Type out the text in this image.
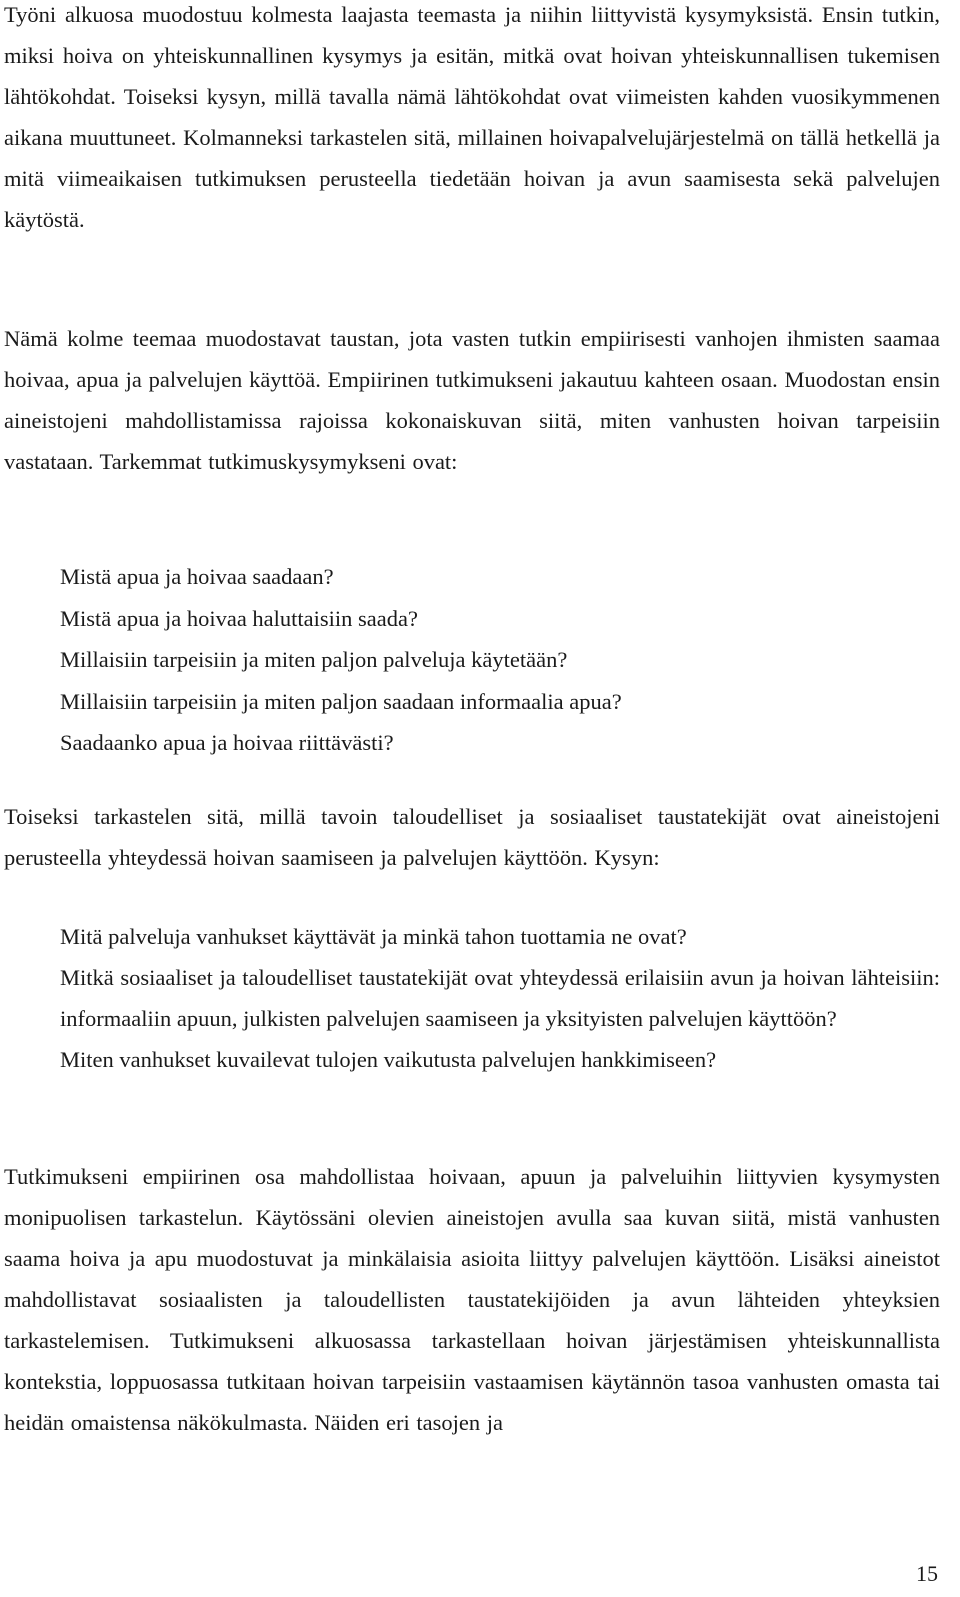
Työni alkuosa muodostuu kolmesta laajasta teemasta ja niihin liittyvistä kysymyksistä. Ensin tutkin, miksi hoiva on yhteiskunnallinen kysymys ja esitän, mitkä ovat hoivan yhteiskunnallisen tukemisen lähtökohdat. Toiseksi kysyn, millä tavalla nämä lähtökohdat ovat viimeisten kahden vuosikymmenen aikana muuttuneet. Kolmanneksi tarkastelen sitä, millainen hoivapalvelujärjestelmä on tällä hetkellä ja mitä viimeaikaisen tutkimuksen perusteella tiedetään hoivan ja avun saamisesta sekä palvelujen käytöstä.

Nämä kolme teemaa muodostavat taustan, jota vasten tutkin empiirisesti vanhojen ihmisten saamaa hoivaa, apua ja palvelujen käyttöä. Empiirinen tutkimukseni jakautuu kahteen osaan. Muodostan ensin aineistojeni mahdollistamissa rajoissa kokonaiskuvan siitä, miten vanhusten hoivan tarpeisiin vastataan. Tarkemmat tutkimuskysymykseni ovat:

Mistä apua ja hoivaa saadaan?

Mistä apua ja hoivaa haluttaisiin saada?

Millaisiin tarpeisiin ja miten paljon palveluja käytetään?

Millaisiin tarpeisiin ja miten paljon saadaan informaalia apua?

Saadaanko apua ja hoivaa riittävästi?

Toiseksi tarkastelen sitä, millä tavoin taloudelliset ja sosiaaliset taustatekijät ovat aineistojeni perusteella yhteydessä hoivan saamiseen ja palvelujen käyttöön. Kysyn:

Mitä palveluja vanhukset käyttävät ja minkä tahon tuottamia ne ovat?

Mitkä sosiaaliset ja taloudelliset taustatekijät ovat yhteydessä erilaisiin avun ja hoivan lähteisiin: informaaliin apuun, julkisten palvelujen saamiseen ja yksityisten palvelujen käyttöön?

Miten vanhukset kuvailevat tulojen vaikutusta palvelujen hankkimiseen?

Tutkimukseni empiirinen osa mahdollistaa hoivaan, apuun ja palveluihin liittyvien kysymysten monipuolisen tarkastelun. Käytössäni olevien aineistojen avulla saa kuvan siitä, mistä vanhusten saama hoiva ja apu muodostuvat ja minkälaisia asioita liittyy palvelujen käyttöön. Lisäksi aineistot mahdollistavat sosiaalisten ja taloudellisten taustatekijöiden ja avun lähteiden yhteyksien tarkastelemisen. Tutkimukseni alkuosassa tarkastellaan hoivan järjestämisen yhteiskunnallista kontekstia, loppuosassa tutkitaan hoivan tarpeisiin vastaamisen käytännön tasoa vanhusten omasta tai heidän omaistensa näkökulmasta. Näiden eri tasojen ja

15
